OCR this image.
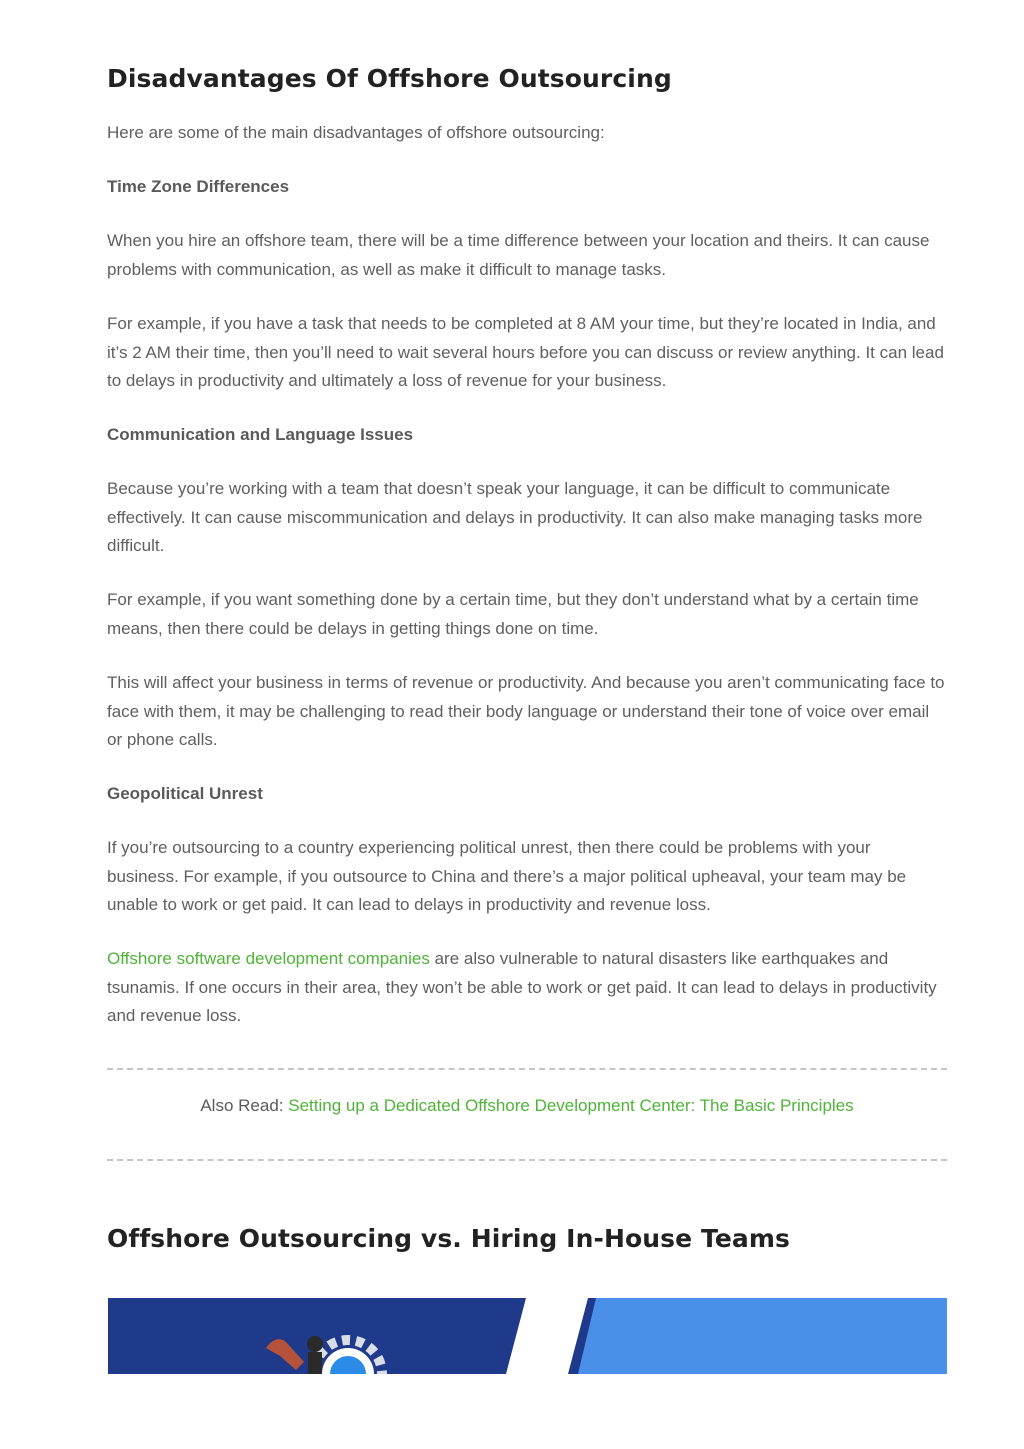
Disadvantages Of Offshore Outsourcing

Here are some of the main disadvantages of offshore outsourcing:

Time Zone Differences

When you hire an offshore team, there will be a time difference between your location and theirs. It can cause problems with communication, as well as make it difficult to manage tasks.

For example, if you have a task that needs to be completed at 8 AM your time, but they’re located in India, and it’s 2 AM their time, then you’ll need to wait several hours before you can discuss or review anything. It can lead to delays in productivity and ultimately a loss of revenue for your business.

Communication and Language Issues

Because you’re working with a team that doesn’t speak your language, it can be difficult to communicate effectively. It can cause miscommunication and delays in productivity. It can also make managing tasks more difficult.

For example, if you want something done by a certain time, but they don’t understand what by a certain time means, then there could be delays in getting things done on time.

This will affect your business in terms of revenue or productivity. And because you aren’t communicating face to face with them, it may be challenging to read their body language or understand their tone of voice over email or phone calls.

Geopolitical Unrest

If you’re outsourcing to a country experiencing political unrest, then there could be problems with your business. For example, if you outsource to China and there’s a major political upheaval, your team may be unable to work or get paid. It can lead to delays in productivity and revenue loss.

Offshore software development companies are also vulnerable to natural disasters like earthquakes and tsunamis. If one occurs in their area, they won’t be able to work or get paid. It can lead to delays in productivity and revenue loss.

Also Read: Setting up a Dedicated Offshore Development Center: The Basic Principles
Offshore Outsourcing vs. Hiring In-House Teams
